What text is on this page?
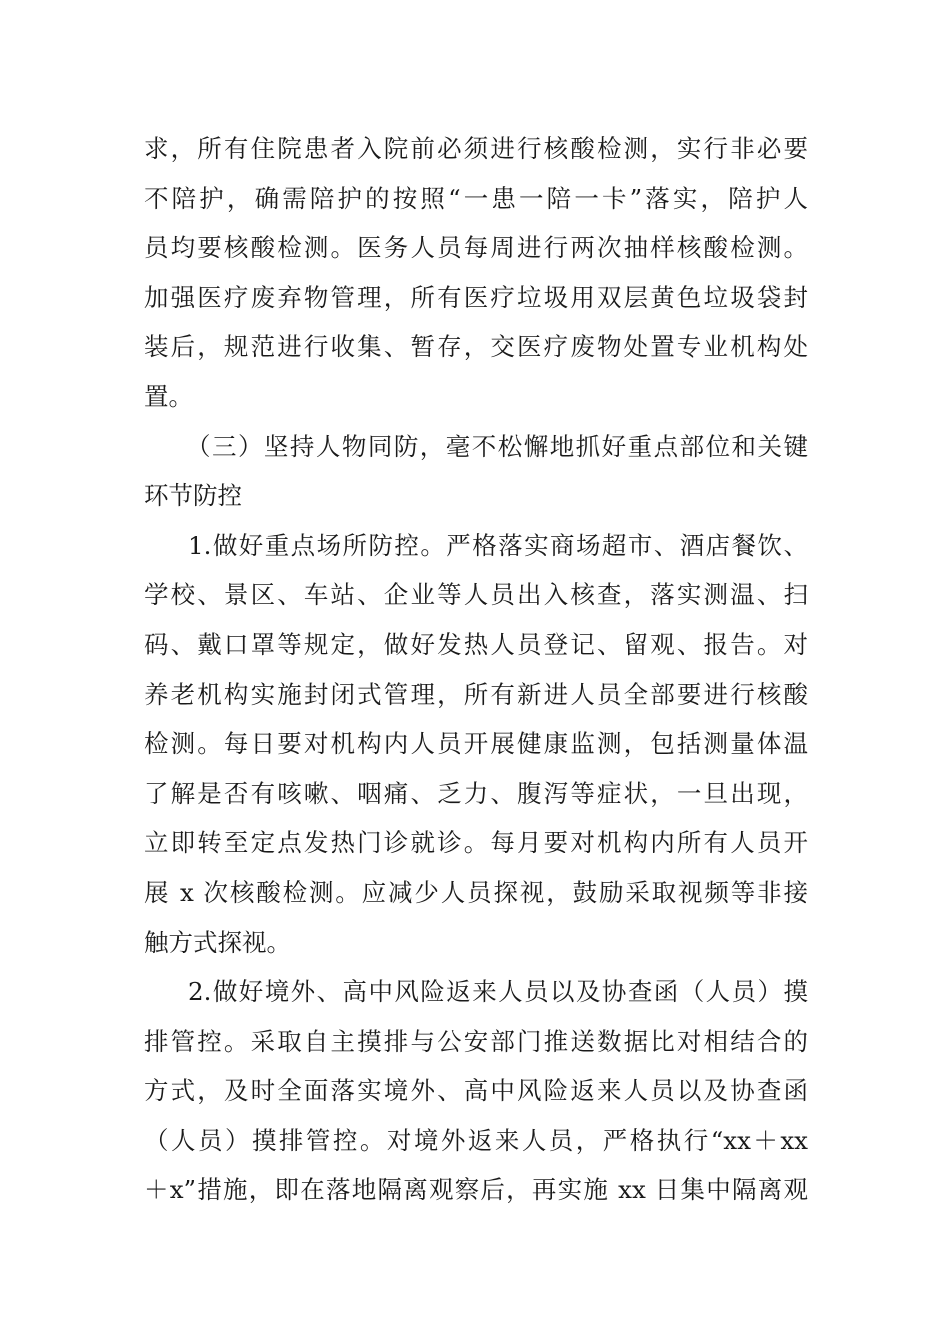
求，所有住院患者入院前必须进行核酸检测，实行非必要
不陪护，确需陪护的按照“一患一陪一卡”落实，陪护人
员均要核酸检测。医务人员每周进行两次抽样核酸检测。
加强医疗废弃物管理，所有医疗垃圾用双层黄色垃圾袋封
装后，规范进行收集、暂存，交医疗废物处置专业机构处
置。
（三）坚持人物同防，毫不松懈地抓好重点部位和关键
环节防控
1.做好重点场所防控。严格落实商场超市、酒店餐饮、
学校、景区、车站、企业等人员出入核查，落实测温、扫
码、戴口罩等规定，做好发热人员登记、留观、报告。对
养老机构实施封闭式管理，所有新进人员全部要进行核酸
检测。每日要对机构内人员开展健康监测，包括测量体温
了解是否有咳嗽、咽痛、乏力、腹泻等症状，一旦出现，
立即转至定点发热门诊就诊。每月要对机构内所有人员开
展 x 次核酸检测。应减少人员探视，鼓励采取视频等非接
触方式探视。
2.做好境外、高中风险返来人员以及协查函（人员）摸
排管控。采取自主摸排与公安部门推送数据比对相结合的
方式，及时全面落实境外、高中风险返来人员以及协查函
（人员）摸排管控。对境外返来人员，严格执行“xx＋xx
＋x”措施，即在落地隔离观察后，再实施 xx 日集中隔离观
